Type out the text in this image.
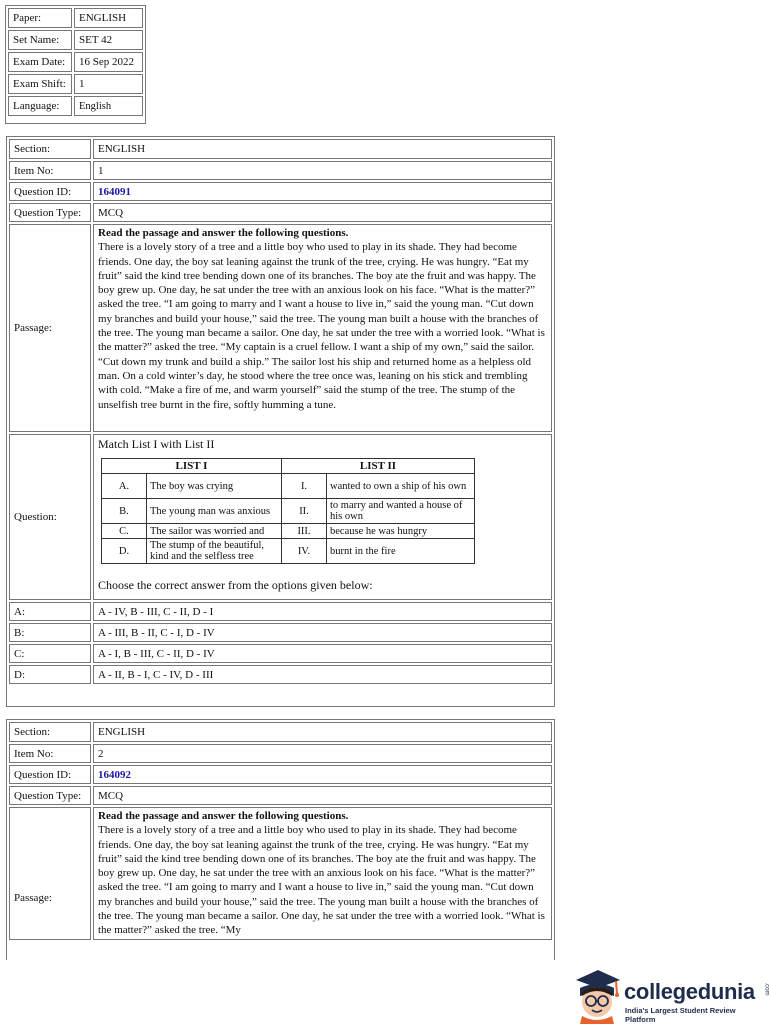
Paper:	ENGLISH
Set Name:	SET 42
Exam Date:	16 Sep 2022
Exam Shift:	1
Language:	English
Section:	ENGLISH
Item No:	1
Question ID:	164091
Question Type:	MCQ
Passage:	
Read the passage and answer the following questions.
There is a lovely story of a tree and a little boy who used to play in its shade. They had become friends. One day, the boy sat leaning against the trunk of the tree, crying. He was hungry. “Eat my fruit” said the kind tree bending down one of its branches. The boy ate the fruit and was happy. The boy grew up. One day, he sat under the tree with an anxious look on his face. “What is the matter?” asked the tree. “I am going to marry and I want a house to live in,” said the young man. “Cut down my branches and build your house,” said the tree. The young man built a house with the branches of the tree. The young man became a sailor. One day, he sat under the tree with a worried look. “What is the matter?” asked the tree. “My captain is a cruel fellow. I want a ship of my own,” said the sailor. “Cut down my trunk and build a ship.” The sailor lost his ship and returned home as a helpless old man. On a cold winter’s day, he stood where the tree once was, leaning on his stick and trembling with cold. “Make a fire of me, and warm yourself” said the stump of the tree. The stump of the unselfish tree burnt in the fire, softly humming a tune.
Question:	
Match List I with List II
LIST I	LIST II
A.	The boy was crying	I.	wanted to own a ship of his own
B.	The young man was anxious	II.	to marry and wanted a house of his own
C.	The sailor was worried and	III.	because he was hungry
D.	The stump of the beautiful, kind and the selfless tree	IV.	burnt in the fire
Choose the correct answer from the options given below:

A:	A - IV, B - III, C - II, D - I
B:	A - III, B - II, C - I, D - IV
C:	A - I, B - III, C - II, D - IV
D:	A - II, B - I, C - IV, D - III
Section:	ENGLISH
Item No:	2
Question ID:	164092
Question Type:	MCQ
Passage:	Read the passage and answer the following questions.
There is a lovely story of a tree and a little boy who used to play in its shade. They had become friends. One day, the boy sat leaning against the trunk of the tree, crying. He was hungry. “Eat my fruit” said the kind tree bending down one of its branches. The boy ate the fruit and was happy. The boy grew up. One day, he sat under the tree with an anxious look on his face. “What is the matter?” asked the tree. “I am going to marry and I want a house to live in,” said the young man. “Cut down my branches and build your house,” said the tree. The young man built a house with the branches of the tree. The young man became a sailor. One day, he sat under the tree with a worried look. “What is the matter?” asked the tree. “My
collegedunia .com
India's Largest Student Review Platform
